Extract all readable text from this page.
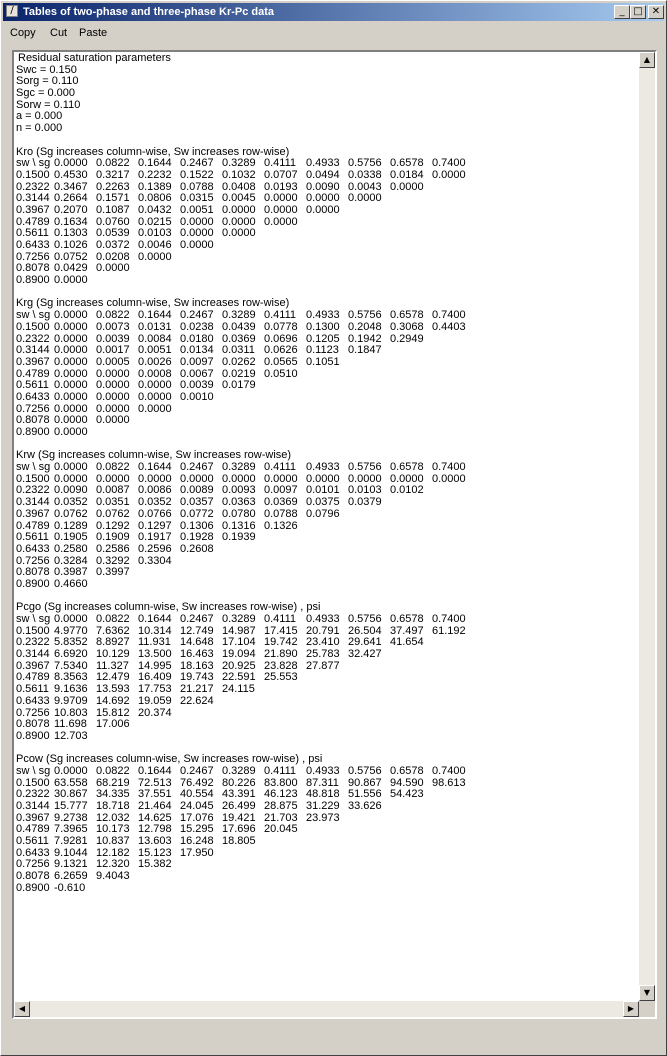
/ Tables of two-phase and three-phase Kr-Pc data	_ □ ✕
Copy Cut Paste
Residual saturation parameters
Swc = 0.150
Sorg = 0.110
Sgc = 0.000
Sorw = 0.110
a = 0.000
n = 0.000
Kro (Sg increases column-wise, Sw increases row-wise)
sw \ sg 0.0000 0.0822 0.1644 0.2467 0.3289 0.4111 0.4933 0.5756 0.6578 0.7400
0.1500 0.4530 0.3217 0.2232 0.1522 0.1032 0.0707 0.0494 0.0338 0.0184 0.0000
0.2322 0.3467 0.2263 0.1389 0.0788 0.0408 0.0193 0.0090 0.0043 0.0000
0.3144 0.2664 0.1571 0.0806 0.0315 0.0045 0.0000 0.0000 0.0000
0.3967 0.2070 0.1087 0.0432 0.0051 0.0000 0.0000 0.0000
0.4789 0.1634 0.0760 0.0215 0.0000 0.0000 0.0000
0.5611 0.1303 0.0539 0.0103 0.0000 0.0000
0.6433 0.1026 0.0372 0.0046 0.0000
0.7256 0.0752 0.0208 0.0000
0.8078 0.0429 0.0000
0.8900 0.0000
Krg (Sg increases column-wise, Sw increases row-wise)
sw \ sg 0.0000 0.0822 0.1644 0.2467 0.3289 0.4111 0.4933 0.5756 0.6578 0.7400
0.1500 0.0000 0.0073 0.0131 0.0238 0.0439 0.0778 0.1300 0.2048 0.3068 0.4403
0.2322 0.0000 0.0039 0.0084 0.0180 0.0369 0.0696 0.1205 0.1942 0.2949
0.3144 0.0000 0.0017 0.0051 0.0134 0.0311 0.0626 0.1123 0.1847
0.3967 0.0000 0.0005 0.0026 0.0097 0.0262 0.0565 0.1051
0.4789 0.0000 0.0000 0.0008 0.0067 0.0219 0.0510
0.5611 0.0000 0.0000 0.0000 0.0039 0.0179
0.6433 0.0000 0.0000 0.0000 0.0010
0.7256 0.0000 0.0000 0.0000
0.8078 0.0000 0.0000
0.8900 0.0000
Krw (Sg increases column-wise, Sw increases row-wise)
sw \ sg 0.0000 0.0822 0.1644 0.2467 0.3289 0.4111 0.4933 0.5756 0.6578 0.7400
0.1500 0.0000 0.0000 0.0000 0.0000 0.0000 0.0000 0.0000 0.0000 0.0000 0.0000
0.2322 0.0090 0.0087 0.0086 0.0089 0.0093 0.0097 0.0101 0.0103 0.0102
0.3144 0.0352 0.0351 0.0352 0.0357 0.0363 0.0369 0.0375 0.0379
0.3967 0.0762 0.0762 0.0766 0.0772 0.0780 0.0788 0.0796
0.4789 0.1289 0.1292 0.1297 0.1306 0.1316 0.1326
0.5611 0.1905 0.1909 0.1917 0.1928 0.1939
0.6433 0.2580 0.2586 0.2596 0.2608
0.7256 0.3284 0.3292 0.3304
0.8078 0.3987 0.3997
0.8900 0.4660
Pcgo (Sg increases column-wise, Sw increases row-wise) , psi
sw \ sg 0.0000 0.0822 0.1644 0.2467 0.3289 0.4111 0.4933 0.5756 0.6578 0.7400
0.1500 4.9770 7.6362 10.314 12.749 14.987 17.415 20.791 26.504 37.497 61.192
0.2322 5.8352 8.8927 11.931 14.648 17.104 19.742 23.410 29.641 41.654
0.3144 6.6920 10.129 13.500 16.463 19.094 21.890 25.783 32.427
0.3967 7.5340 11.327 14.995 18.163 20.925 23.828 27.877
0.4789 8.3563 12.479 16.409 19.743 22.591 25.553
0.5611 9.1636 13.593 17.753 21.217 24.115
0.6433 9.9709 14.692 19.059 22.624
0.7256 10.803 15.812 20.374
0.8078 11.698 17.006
0.8900 12.703
Pcow (Sg increases column-wise, Sw increases row-wise) , psi
sw \ sg 0.0000 0.0822 0.1644 0.2467 0.3289 0.4111 0.4933 0.5756 0.6578 0.7400
0.1500 63.558 68.219 72.513 76.492 80.226 83.800 87.311 90.867 94.590 98.613
0.2322 30.867 34.335 37.551 40.554 43.391 46.123 48.818 51.556 54.423
0.3144 15.777 18.718 21.464 24.045 26.499 28.875 31.229 33.626
0.3967 9.2738 12.032 14.625 17.076 19.421 21.703 23.973
0.4789 7.3965 10.173 12.798 15.295 17.696 20.045
0.5611 7.9281 10.837 13.603 16.248 18.805
0.6433 9.1044 12.182 15.123 17.950
0.7256 9.1321 12.320 15.382
0.8078 6.2659 9.4043
0.8900 -0.610
▲
▼
◀	▶
